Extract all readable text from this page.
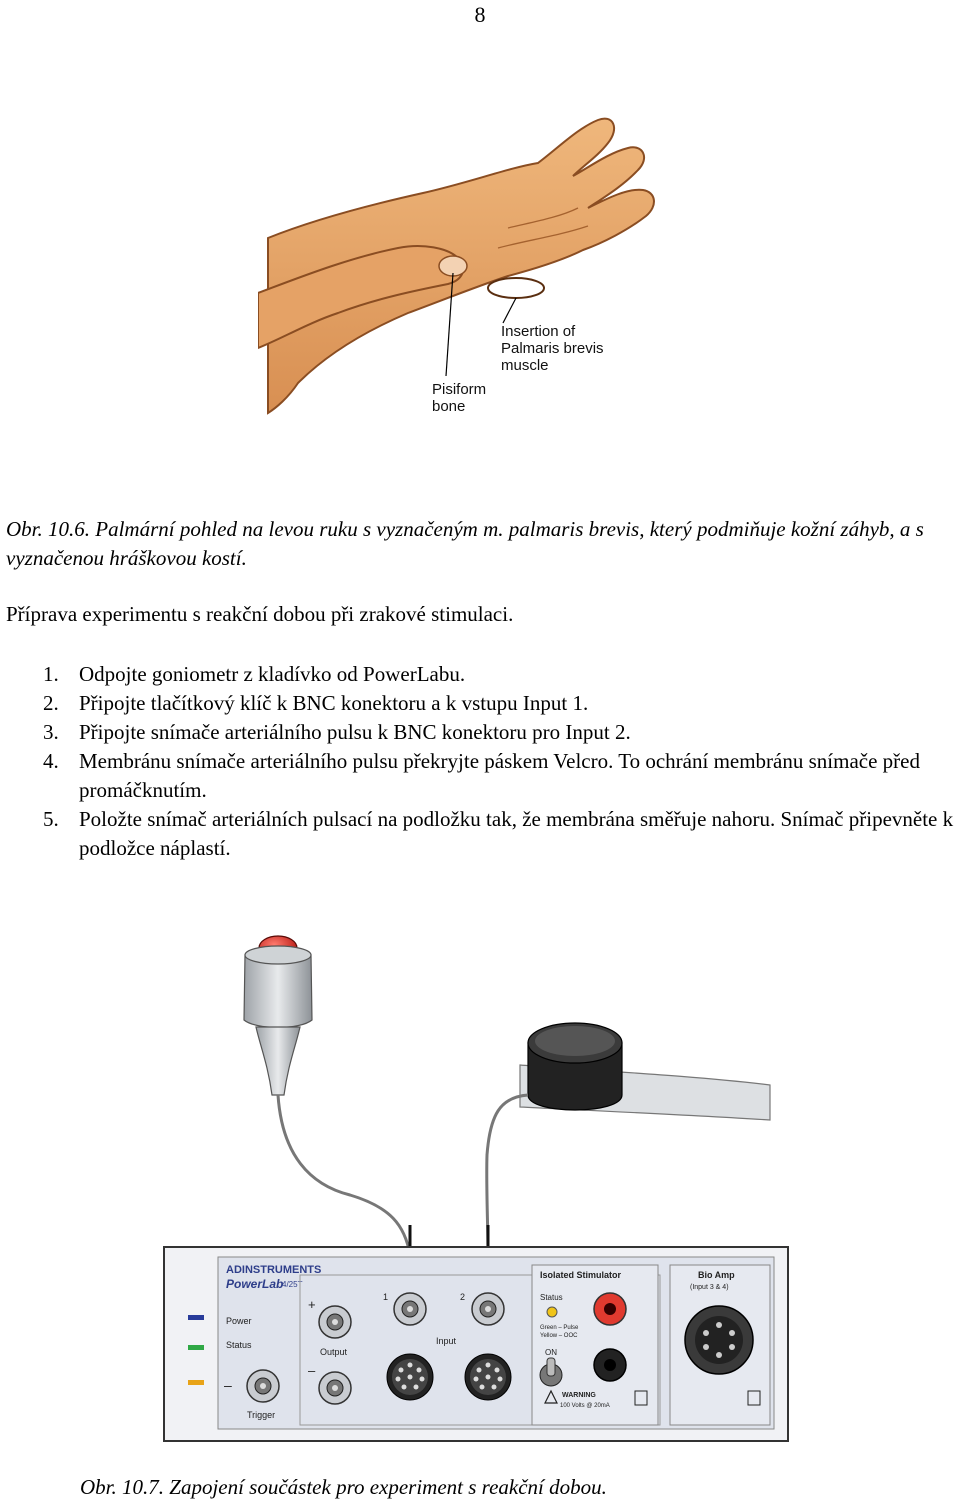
8
Insertion of
Palmaris brevis
muscle
Pisiform
bone
Obr. 10.6. Palmární pohled na levou ruku s vyznačeným m. palmaris brevis, který podmiňuje kožní záhyb, a s vyznačenou hráškovou kostí.
Příprava experimentu s reakční dobou při zrakové stimulaci.
1. Odpojte goniometr z kladívko od PowerLabu.
2. Připojte tlačítkový klíč k BNC konektoru a k vstupu Input 1.
3. Připojte snímače arteriálního pulsu k BNC konektoru pro Input 2.
4. Membránu snímače arteriálního pulsu překryjte páskem Velcro. To ochrání membránu snímače před promáčknutím.
5. Položte snímač arteriálních pulsací na podložku tak, že membrána směřuje nahoru. Snímač připevněte k podložce náplastí.
ADINSTRUMENTS
PowerLab
4/25T
Power
Status
Trigger
–
+
–
Output
1	2
Input
Isolated Stimulator
Status
Green – Pulse
Yellow – OOC
ON
WARNING
100 Volts @ 20mA
Bio Amp
(Input 3 & 4)
Obr. 10.7. Zapojení součástek pro experiment s reakční dobou.
